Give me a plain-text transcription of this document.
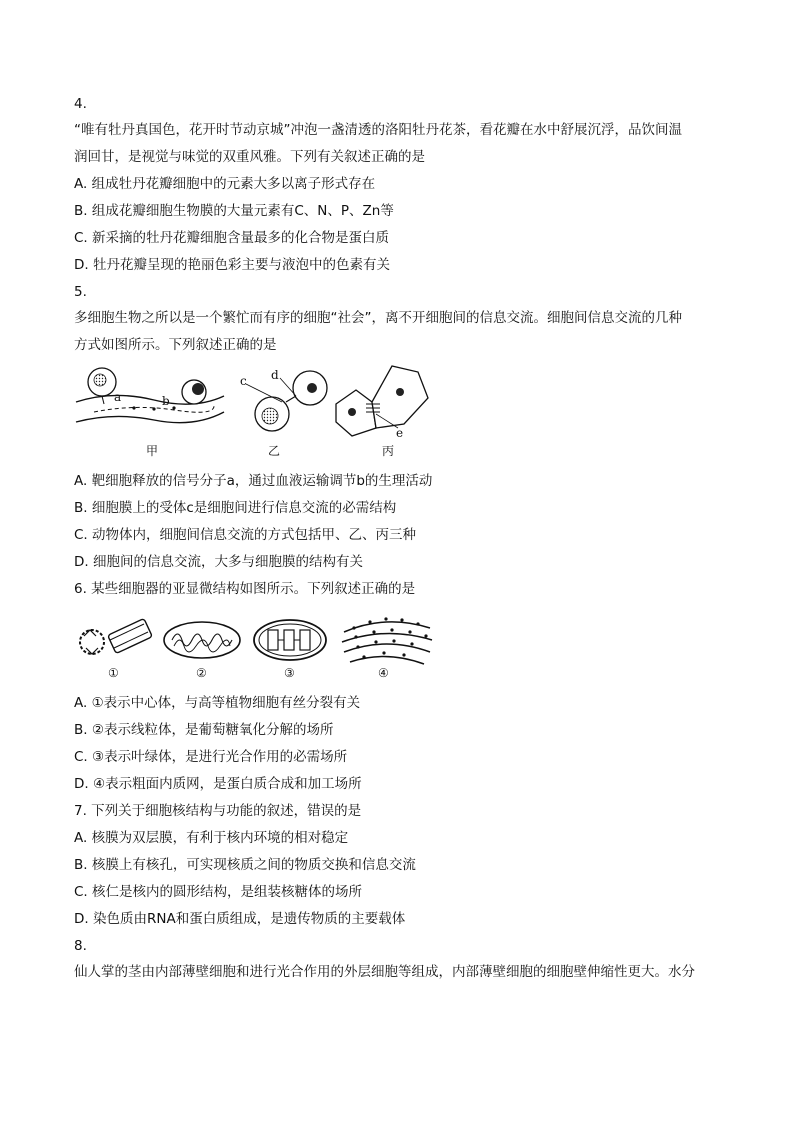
4.
“唯有牡丹真国色，花开时节动京城”冲泡一盏清透的洛阳牡丹花茶，看花瓣在水中舒展沉浮，品饮间温
润回甘，是视觉与味觉的双重风雅。下列有关叙述正确的是
A. 组成牡丹花瓣细胞中的元素大多以离子形式存在
B. 组成花瓣细胞生物膜的大量元素有C、N、P、Zn等
C. 新采摘的牡丹花瓣细胞含量最多的化合物是蛋白质
D. 牡丹花瓣呈现的艳丽色彩主要与液泡中的色素有关
5.
多细胞生物之所以是一个繁忙而有序的细胞“社会”，离不开细胞间的信息交流。细胞间信息交流的几种
方式如图所示。下列叙述正确的是
a	b
c d
e
甲	乙	丙
A. 靶细胞释放的信号分子a，通过血液运输调节b的生理活动
B. 细胞膜上的受体c是细胞间进行信息交流的必需结构
C. 动物体内，细胞间信息交流的方式包括甲、乙、丙三种
D. 细胞间的信息交流，大多与细胞膜的结构有关
6. 某些细胞器的亚显微结构如图所示。下列叙述正确的是
①	②	③	④
A. ①表示中心体，与高等植物细胞有丝分裂有关
B. ②表示线粒体，是葡萄糖氧化分解的场所
C. ③表示叶绿体，是进行光合作用的必需场所
D. ④表示粗面内质网，是蛋白质合成和加工场所
7. 下列关于细胞核结构与功能的叙述，错误的是
A. 核膜为双层膜，有利于核内环境的相对稳定
B. 核膜上有核孔，可实现核质之间的物质交换和信息交流
C. 核仁是核内的圆形结构，是组装核糖体的场所
D. 染色质由RNA和蛋白质组成，是遗传物质的主要载体
8.
仙人掌的茎由内部薄壁细胞和进行光合作用的外层细胞等组成，内部薄壁细胞的细胞壁伸缩性更大。水分
